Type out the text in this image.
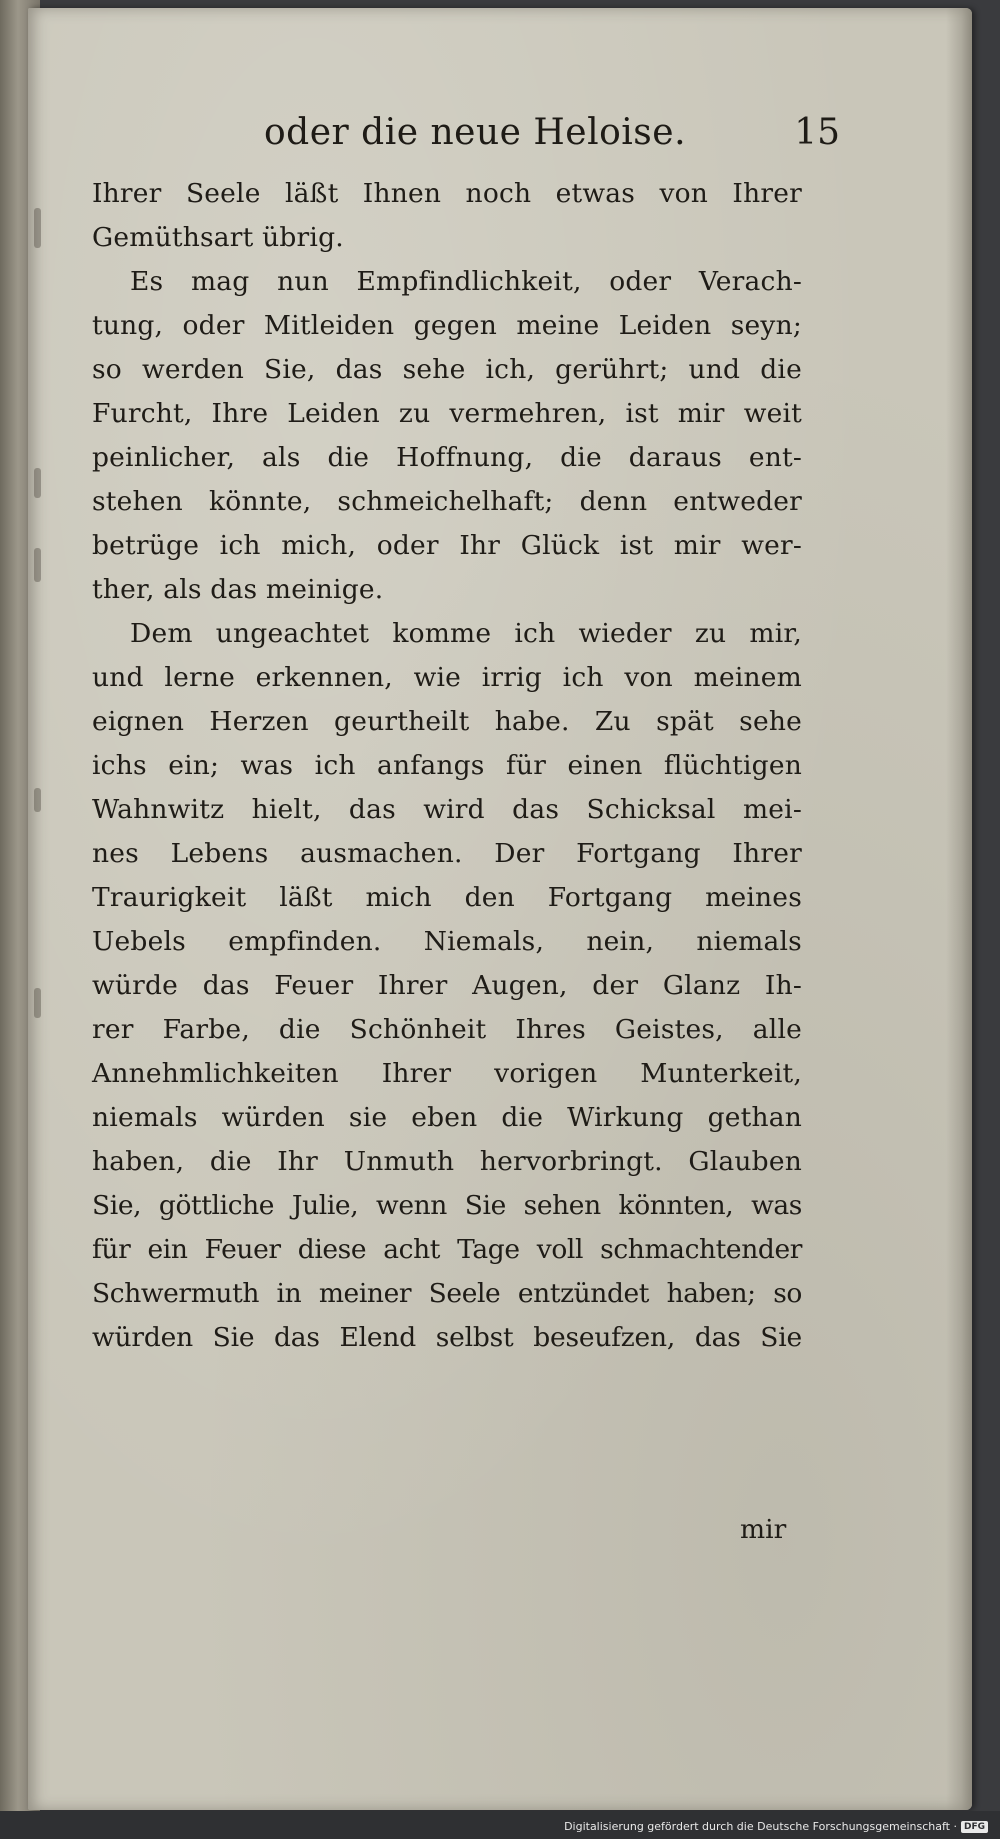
oder die neue Heloise.	15
Ihrer Seele läßt Ihnen noch etwas von Ihrer
Gemüthsart übrig.
Es mag nun Empfindlichkeit, oder Verach-
tung, oder Mitleiden gegen meine Leiden seyn;
so werden Sie, das sehe ich, gerührt; und die
Furcht, Ihre Leiden zu vermehren, ist mir weit
peinlicher, als die Hoffnung, die daraus ent-
stehen könnte, schmeichelhaft; denn entweder
betrüge ich mich, oder Ihr Glück ist mir wer-
ther, als das meinige.
Dem ungeachtet komme ich wieder zu mir,
und lerne erkennen, wie irrig ich von meinem
eignen Herzen geurtheilt habe. Zu spät sehe
ichs ein; was ich anfangs für einen flüchtigen
Wahnwitz hielt, das wird das Schicksal mei-
nes Lebens ausmachen. Der Fortgang Ihrer
Traurigkeit läßt mich den Fortgang meines
Uebels empfinden. Niemals, nein, niemals
würde das Feuer Ihrer Augen, der Glanz Ih-
rer Farbe, die Schönheit Ihres Geistes, alle
Annehmlichkeiten Ihrer vorigen Munterkeit,
niemals würden sie eben die Wirkung gethan
haben, die Ihr Unmuth hervorbringt. Glauben
Sie, göttliche Julie, wenn Sie sehen könnten, was
für ein Feuer diese acht Tage voll schmachtender
Schwermuth in meiner Seele entzündet haben; so
würden Sie das Elend selbst beseufzen, das Sie
mir
Digitalisierung gefördert durch die Deutsche Forschungsgemeinschaft · DFG
